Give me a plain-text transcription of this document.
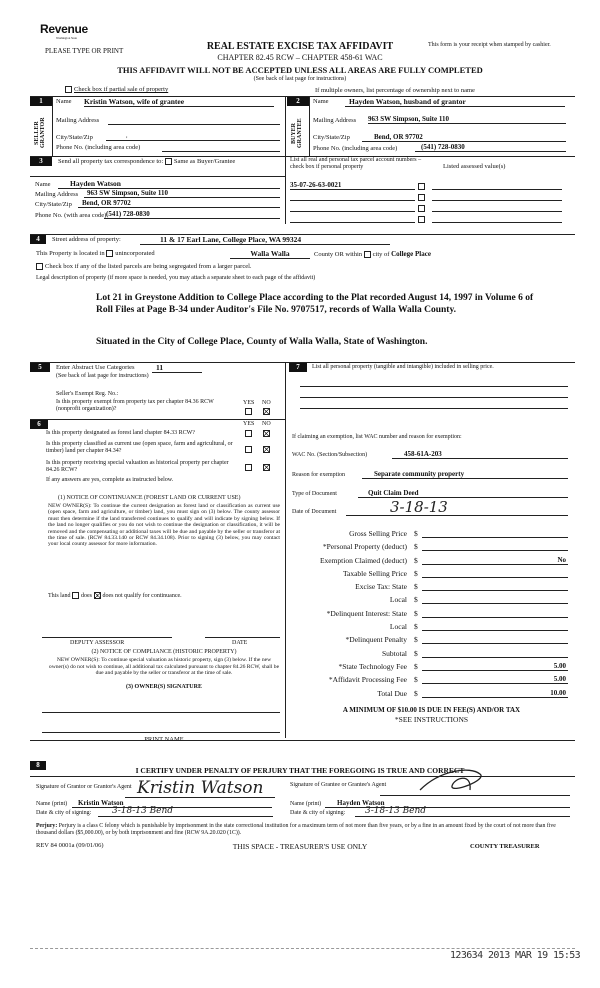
Revenue
Washington State
PLEASE TYPE OR PRINT	REAL ESTATE EXCISE TAX AFFIDAVIT
CHAPTER 82.45 RCW – CHAPTER 458-61 WAC
This form is your receipt when stamped by cashier.
THIS AFFIDAVIT WILL NOT BE ACCEPTED UNLESS ALL AREAS ARE FULLY COMPLETED
(See back of last page for instructions)
Check box if partial sale of property	If multiple owners, list percentage of ownership next to name
1
SELLER GRANTOR
Name Kristin Watson, wife of grantee
Mailing Address
City/State/Zip	,
Phone No. (including area code)
2
BUYER GRANTEE
Name	Hayden Watson, husband of grantor
Mailing Address 963 SW Simpson, Suite 110
City/State/Zip	Bend, OR 97702
Phone No. (including area code)	(541) 728-0830
3	Send all property tax correspondence to: Same as Buyer/Grantee	List all real and personal tax parcel account numbers – check box if personal property	Listed assessed value(s)
Name	Hayden Watson
Mailing Address	963 SW Simpson, Suite 110
City/State/Zip	Bend, OR 97702
Phone No. (with area code) (541) 728-0830
35-07-26-63-0021
4	Street address of property:	11 & 17 Earl Lane, College Place, WA 99324
This Property is located in unincorporated	Walla Walla	County OR within city of College Place
Check box if any of the listed parcels are being segregated from a larger parcel.
Legal description of property (if more space is needed, you may attach a separate sheet to each page of the affidavit)
Lot 21 in Greystone Addition to College Place according to the Plat recorded August 14, 1997 in Volume 6 of Roll Files at Page B-34 under Auditor's File No. 9707517, records of Walla Walla County.
Situated in the City of College Place, County of Walla Walla, State of Washington.
5	Enter Abstract Use Categories	11
(See back of last page for instructions)
Seller's Exempt Reg. No.:
Is this property exempt from property tax per chapter 84.36 RCW (nonprofit organization)?
YES NO
6	YES NO
Is this property designated as forest land chapter 84.33 RCW?
Is this property classified as current use (open space, farm and agricultural, or timber) land per chapter 84.34?
Is this property receiving special valuation as historical property per chapter 84.26 RCW?
If any answers are yes, complete as instructed below.
(1) NOTICE OF CONTINUANCE (FOREST LAND OR CURRENT USE)
NEW OWNER(S): To continue the current designation as forest land or classification as current use (open space, farm and agriculture, or timber) land, you must sign on (3) below. The county assessor must then determine if the land transferred continues to qualify and will indicate by signing below. If the land no longer qualifies or you do not wish to continue the designation or classification, it will be removed and the compensating or additional taxes will be due and payable by the seller or transferor at the time of sale. (RCW 84.33.140 or RCW 84.34.108). Prior to signing (3) below, you may contact your local county assessor for more information.
This land does does not qualify for continuance.
DEPUTY ASSESSOR	DATE
(2) NOTICE OF COMPLIANCE (HISTORIC PROPERTY)
NEW OWNER(S): To continue special valuation as historic property, sign (3) below. If the new owner(s) do not wish to continue, all additional tax calculated pursuant to chapter 84.26 RCW, shall be due and payable by the seller or transferor at the time of sale.
(3) OWNER(S) SIGNATURE
PRINT NAME
7	List all personal property (tangible and intangible) included in selling price.
If claiming an exemption, list WAC number and reason for exemption:
WAC No. (Section/Subsection)	458-61A-203
Reason for exemption	Separate community property
Type of Document	Quit Claim Deed
Date of Document	3-18-13
Gross Selling Price $
*Personal Property (deduct) $
Exemption Claimed (deduct) $	No
Taxable Selling Price $
Excise Tax: State $
Local $
*Delinquent Interest: State $
Local $
*Delinquent Penalty $
Subtotal $
*State Technology Fee $	5.00
*Affidavit Processing Fee $	5.00
Total Due $	10.00
A MINIMUM OF $10.00 IS DUE IN FEE(S) AND/OR TAX
*SEE INSTRUCTIONS
8
I CERTIFY UNDER PENALTY OF PERJURY THAT THE FOREGOING IS TRUE AND CORRECT
Signature of Grantor or Grantor's Agent Kristin Watson
Name (print)	Kristin Watson
Date & city of signing:	3-18-13 Bend
Signature of Grantee or Grantee's Agent
Name (print)	Hayden Watson
Date & city of signing:	3-18-13 Bend
Perjury: Perjury is a class C felony which is punishable by imprisonment in the state correctional institution for a maximum term of not more than five years, or by a fine in an amount fixed by the court of not more than five thousand dollars ($5,000.00), or by both imprisonment and fine (RCW 9A.20.020 (1C)).
REV 84 0001a (09/01/06)	THIS SPACE - TREASURER'S USE ONLY	COUNTY TREASURER
123634 2013 MAR 19 15:53
